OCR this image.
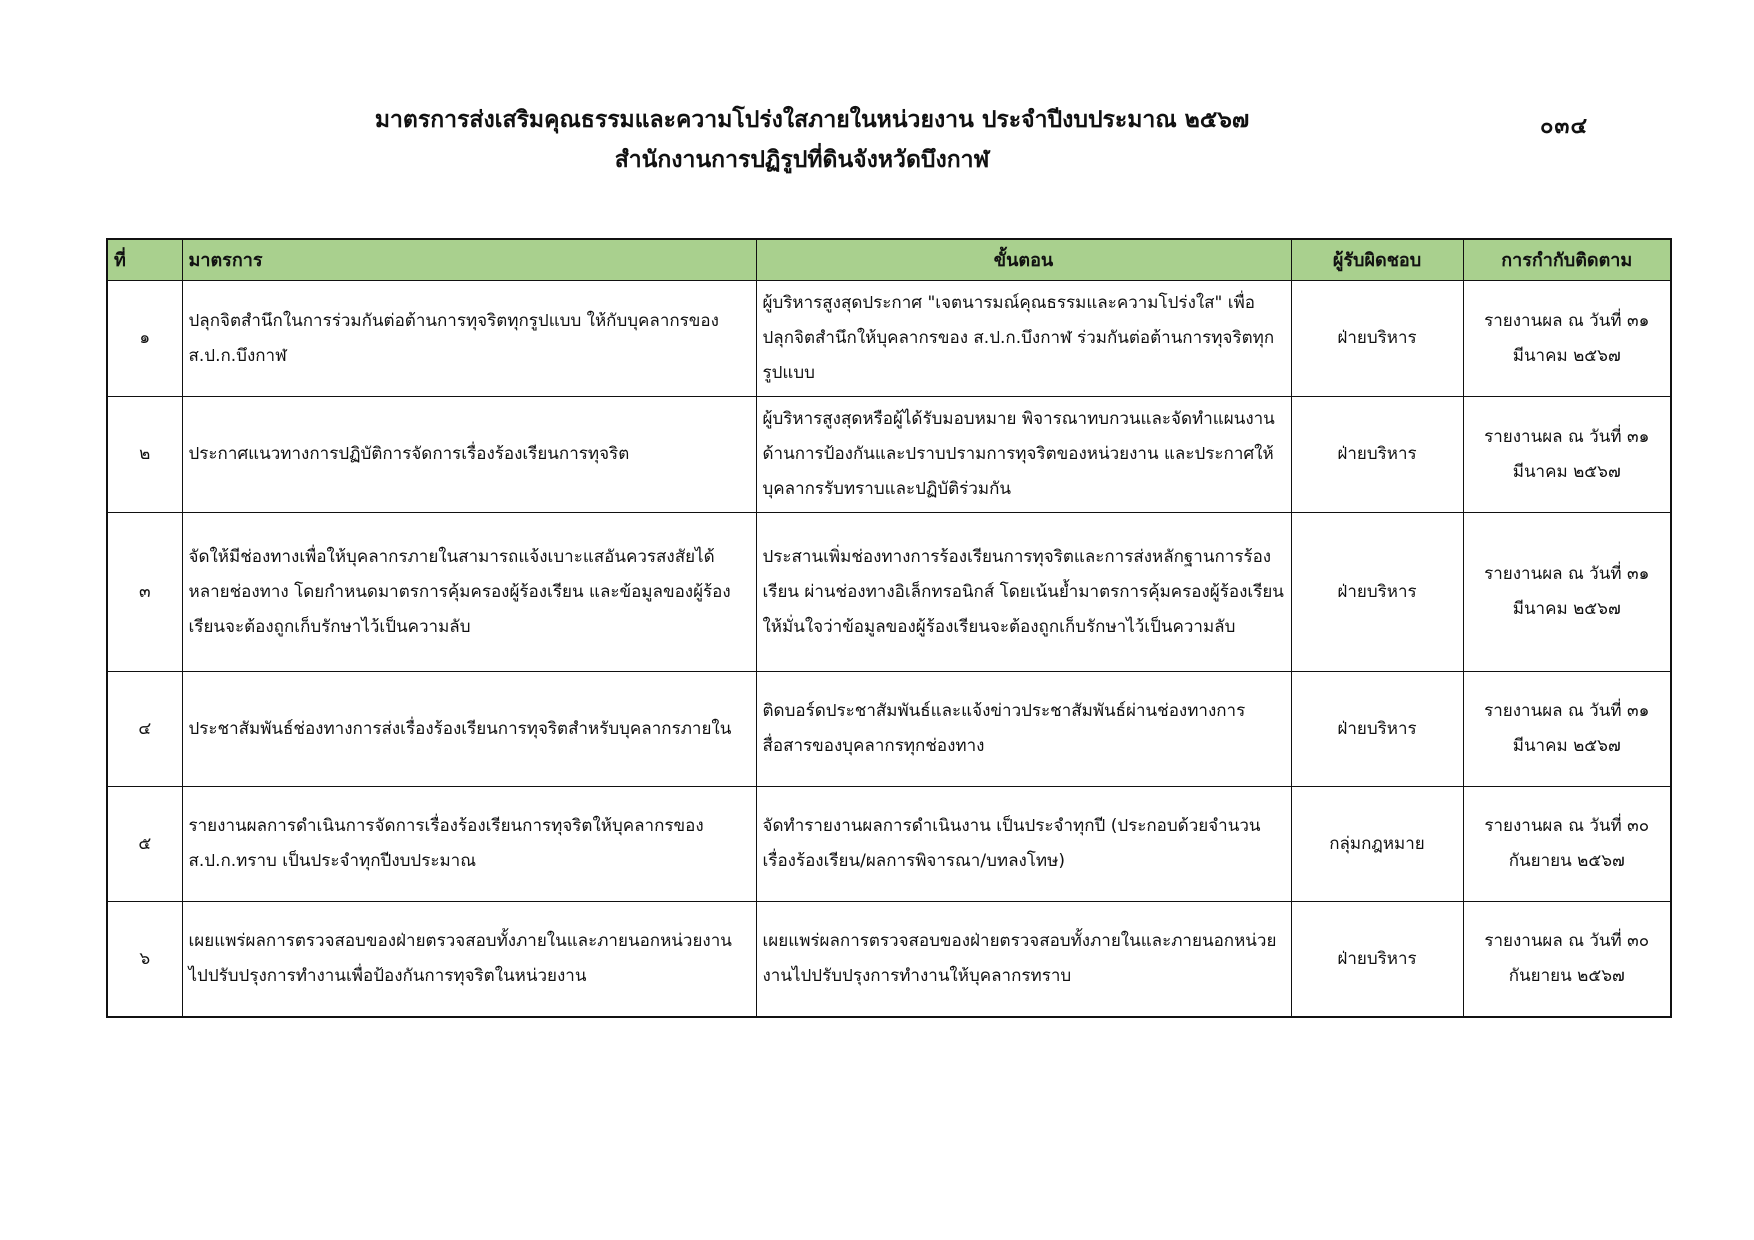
มาตรการส่งเสริมคุณธรรมและความโปร่งใสภายในหน่วยงาน ประจำปีงบประมาณ ๒๕๖๗

สำนักงานการปฏิรูปที่ดินจังหวัดบึงกาฬ

๐๓๔
ที่	มาตรการ	ขั้นตอน	ผู้รับผิดชอบ	การกำกับติดตาม
๑	ปลุกจิตสำนึกในการร่วมกันต่อต้านการทุจริตทุกรูปแบบ ให้กับบุคลากรของ ส.ป.ก.บึงกาฬ	ผู้บริหารสูงสุดประกาศ "เจตนารมณ์คุณธรรมและความโปร่งใส" เพื่อปลุกจิตสำนึกให้บุคลากรของ ส.ป.ก.บึงกาฬ ร่วมกันต่อต้านการทุจริตทุกรูปแบบ	ฝ่ายบริหาร	รายงานผล ณ วันที่ ๓๑ มีนาคม ๒๕๖๗
๒	ประกาศแนวทางการปฏิบัติการจัดการเรื่องร้องเรียนการทุจริต	ผู้บริหารสูงสุดหรือผู้ได้รับมอบหมาย พิจารณาทบกวนและจัดทำแผนงานด้านการป้องกันและปราบปรามการทุจริตของหน่วยงาน และประกาศให้บุคลากรรับทราบและปฏิบัติร่วมกัน	ฝ่ายบริหาร	รายงานผล ณ วันที่ ๓๑ มีนาคม ๒๕๖๗
๓	จัดให้มีช่องทางเพื่อให้บุคลากรภายในสามารถแจ้งเบาะแสอันควรสงสัยได้หลายช่องทาง โดยกำหนดมาตรการคุ้มครองผู้ร้องเรียน และข้อมูลของผู้ร้องเรียนจะต้องถูกเก็บรักษาไว้เป็นความลับ	ประสานเพิ่มช่องทางการร้องเรียนการทุจริตและการส่งหลักฐานการร้องเรียน ผ่านช่องทางอิเล็กทรอนิกส์ โดยเน้นย้ำมาตรการคุ้มครองผู้ร้องเรียน ให้มั่นใจว่าข้อมูลของผู้ร้องเรียนจะต้องถูกเก็บรักษาไว้เป็นความลับ	ฝ่ายบริหาร	รายงานผล ณ วันที่ ๓๑ มีนาคม ๒๕๖๗
๔	ประชาสัมพันธ์ช่องทางการส่งเรื่องร้องเรียนการทุจริตสำหรับบุคลากรภายใน	ติดบอร์ดประชาสัมพันธ์และแจ้งข่าวประชาสัมพันธ์ผ่านช่องทางการสื่อสารของบุคลากรทุกช่องทาง	ฝ่ายบริหาร	รายงานผล ณ วันที่ ๓๑ มีนาคม ๒๕๖๗
๕	รายงานผลการดำเนินการจัดการเรื่องร้องเรียนการทุจริตให้บุคลากรของ ส.ป.ก.ทราบ เป็นประจำทุกปีงบประมาณ	จัดทำรายงานผลการดำเนินงาน เป็นประจำทุกปี (ประกอบด้วยจำนวนเรื่องร้องเรียน/ผลการพิจารณา/บทลงโทษ)	กลุ่มกฎหมาย	รายงานผล ณ วันที่ ๓๐ กันยายน ๒๕๖๗
๖	เผยแพร่ผลการตรวจสอบของฝ่ายตรวจสอบทั้งภายในและภายนอกหน่วยงานไปปรับปรุงการทำงานเพื่อป้องกันการทุจริตในหน่วยงาน	เผยแพร่ผลการตรวจสอบของฝ่ายตรวจสอบทั้งภายในและภายนอกหน่วยงานไปปรับปรุงการทำงานให้บุคลากรทราบ	ฝ่ายบริหาร	รายงานผล ณ วันที่ ๓๐ กันยายน ๒๕๖๗
